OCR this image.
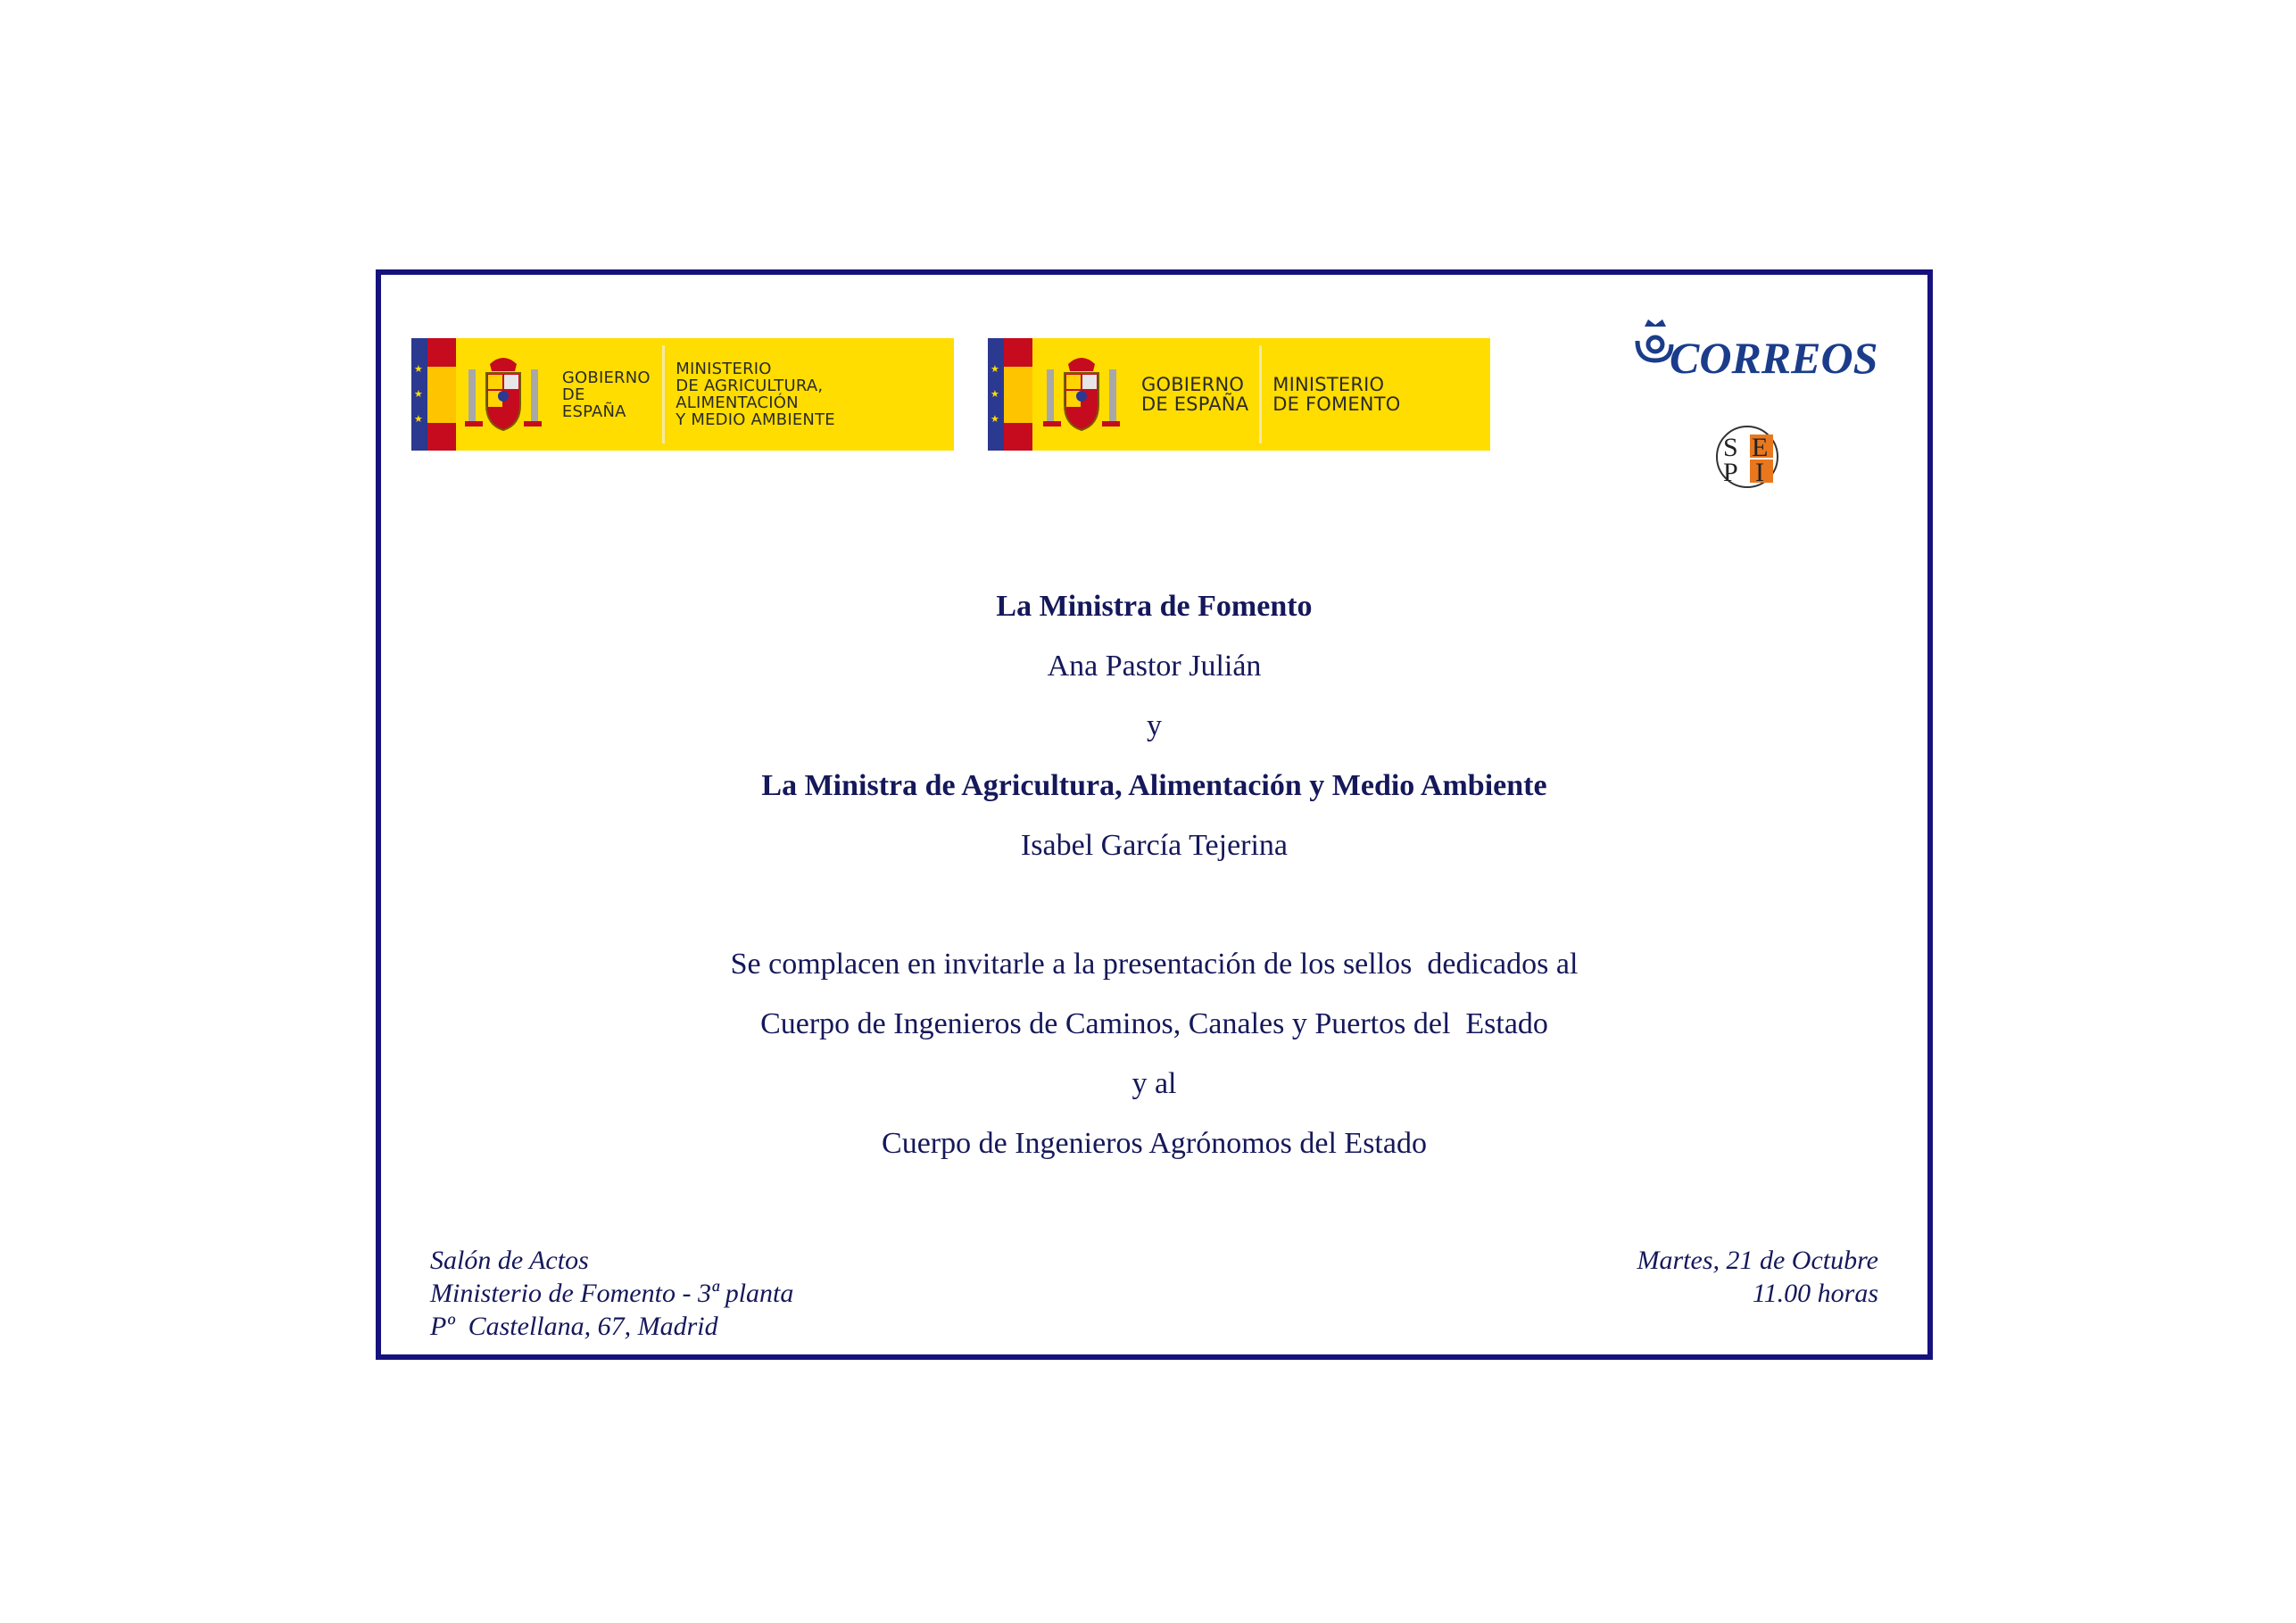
★
★
★
GOBIERNO
DE ESPAÑA
MINISTERIO
DE AGRICULTURA, ALIMENTACIÓN
Y MEDIO AMBIENTE
★
★
★
GOBIERNO
DE ESPAÑA
MINISTERIO
DE FOMENTO
CORREOS
S E
P I
La Ministra de Fomento
Ana Pastor Julián
y
La Ministra de Agricultura, Alimentación y Medio Ambiente
Isabel García Tejerina
Se complacen en invitarle a la presentación de los sellos  dedicados al
Cuerpo de Ingenieros de Caminos, Canales y Puertos del  Estado
y al
Cuerpo de Ingenieros Agrónomos del Estado
Salón de Actos
Ministerio de Fomento - 3ª planta
Pº  Castellana, 67, Madrid
Martes, 21 de Octubre
11.00 horas
